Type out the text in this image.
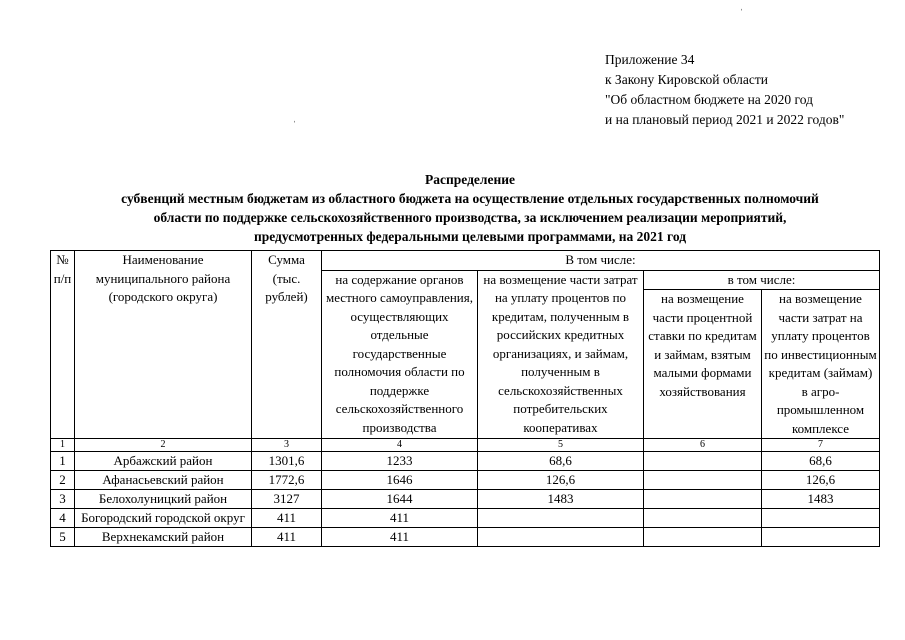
Приложение 34
к Закону Кировской области
"Об областном бюджете на 2020 год
и на плановый период 2021 и 2022 годов"
ˈ
ˈ
Распределение
субвенций местным бюджетам из областного бюджета на осуществление отдельных государственных полномочий
области по поддержке сельскохозяйственного производства, за исключением реализации мероприятий,
предусмотренных федеральными целевыми программами, на 2021 год
№ п/п	Наименование муниципального района (городского округа)	Сумма (тыс. рублей)	В том числе:			
			на содержание органов местного самоуправления, осуществляющих отдельные государственные полномочия области по поддержке сельскохозяйственного производства	на возмещение части затрат на уплату процентов по кредитам, полученным в российских кредитных организациях, и займам, полученным в сельскохозяйственных потребительских кооперативах	в том числе:	
					на возмещение части процентной ставки по кредитам и займам, взятым малыми формами хозяйствования	на возмещение части затрат на уплату процентов по инвестиционным кредитам (займам) в агро-промышленном комплексе
1	2	3	4	5	6	7
1	Арбажский район	1301,6	1233	68,6		68,6
2	Афанасьевский район	1772,6	1646	126,6		126,6
3	Белохолуницкий район	3127	1644	1483		1483
4	Богородский городской округ	411	411			
5	Верхнекамский район	411	411			
